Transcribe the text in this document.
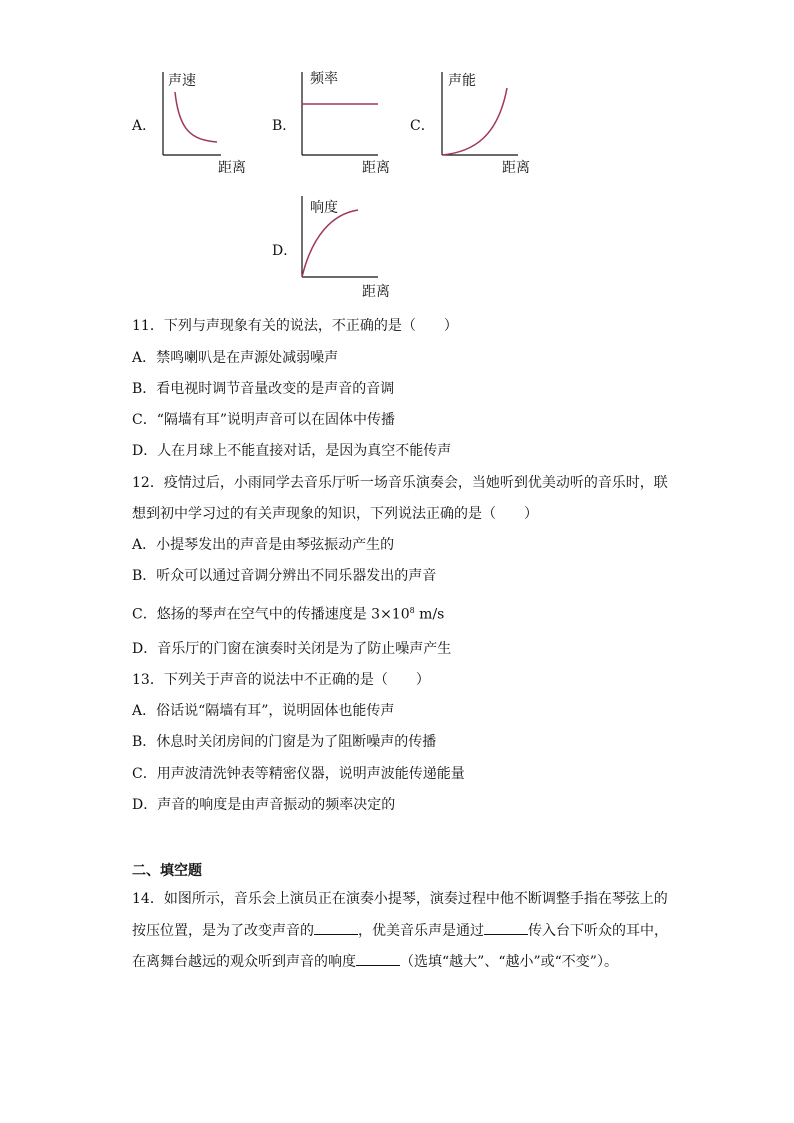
A．
声速
距离
B．
频率
距离
C．
声能
距离
D．
响度
距离
11．下列与声现象有关的说法，不正确的是（　　）
A．禁鸣喇叭是在声源处减弱噪声
B．看电视时调节音量改变的是声音的音调
C．“隔墙有耳”说明声音可以在固体中传播
D．人在月球上不能直接对话，是因为真空不能传声
12．疫情过后，小雨同学去音乐厅听一场音乐演奏会，当她听到优美动听的音乐时，联
想到初中学习过的有关声现象的知识，下列说法正确的是（　　）
A．小提琴发出的声音是由琴弦振动产生的
B．听众可以通过音调分辨出不同乐器发出的声音
C．悠扬的琴声在空气中的传播速度是 $3\times 10^8$ m/s
D．音乐厅的门窗在演奏时关闭是为了防止噪声产生
13．下列关于声音的说法中不正确的是（　　）
A．俗话说“隔墙有耳”，说明固体也能传声
B．休息时关闭房间的门窗是为了阻断噪声的传播
C．用声波清洗钟表等精密仪器，说明声波能传递能量
D．声音的响度是由声音振动的频率决定的
二、填空题
14．如图所示，音乐会上演员正在演奏小提琴，演奏过程中他不断调整手指在琴弦上的
按压位置，是为了改变声音的	，优美音乐声是通过	传入台下听众的耳中，
在离舞台越远的观众听到声音的响度	（选填“越大”、“越小”或“不变”）。
